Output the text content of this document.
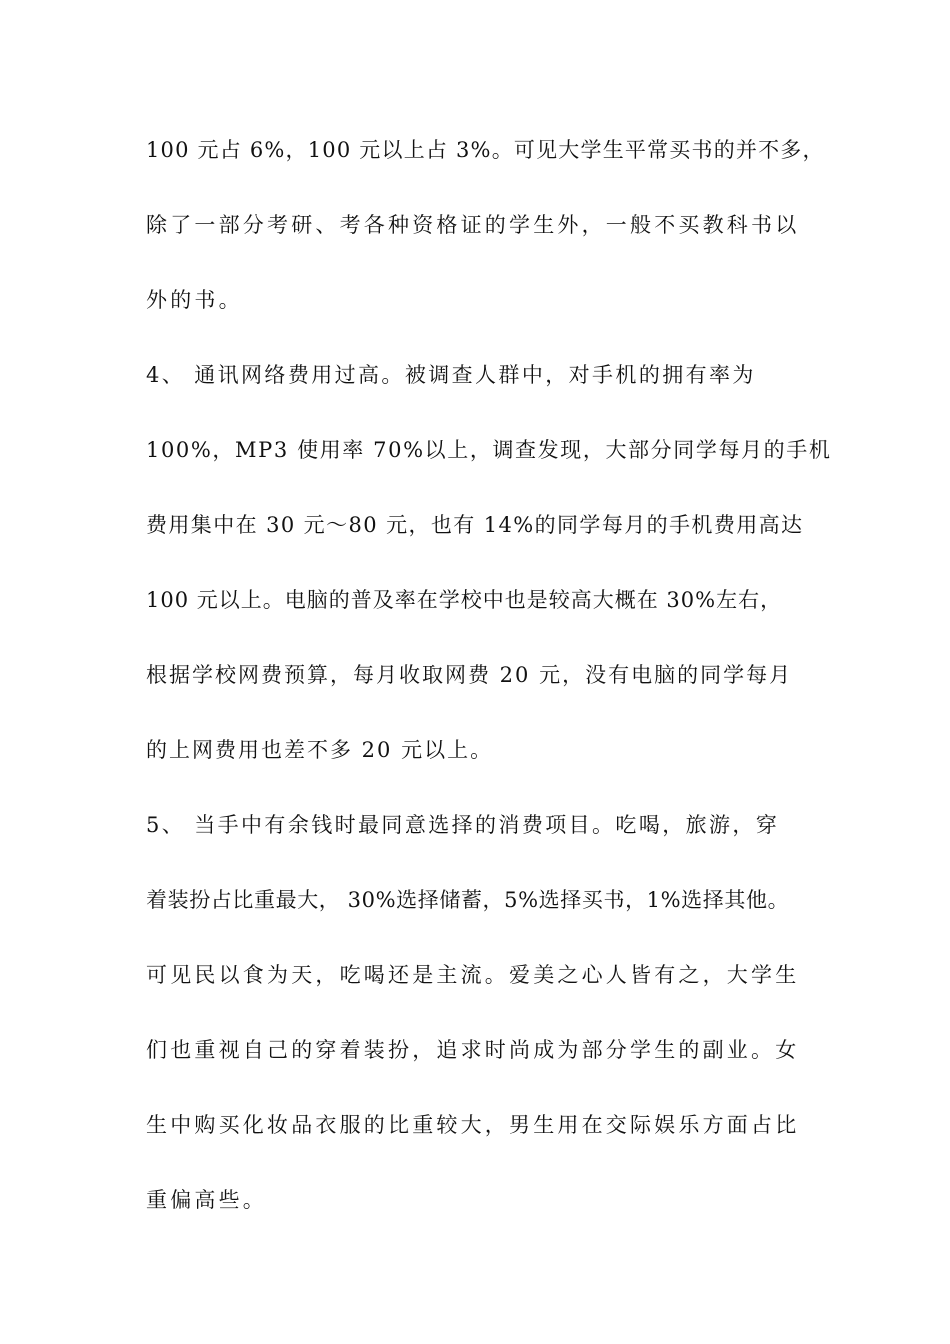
100 元占 6%，100 元以上占 3%。可见大学生平常买书的并不多，
除了一部分考研、考各种资格证的学生外，一般不买教科书以
外的书。
4、 通讯网络费用过高。被调查人群中，对手机的拥有率为
100%，MP3 使用率 70%以上，调查发现，大部分同学每月的手机
费用集中在 30 元～80 元，也有 14%的同学每月的手机费用高达
100 元以上。电脑的普及率在学校中也是较高大概在 30%左右，
根据学校网费预算，每月收取网费 20 元，没有电脑的同学每月
的上网费用也差不多 20 元以上。
5、 当手中有余钱时最同意选择的消费项目。吃喝，旅游，穿
着装扮占比重最大， 30%选择储蓄，5%选择买书，1%选择其他。
可见民以食为天，吃喝还是主流。爱美之心人皆有之，大学生
们也重视自己的穿着装扮，追求时尚成为部分学生的副业。女
生中购买化妆品衣服的比重较大，男生用在交际娱乐方面占比
重偏高些。
